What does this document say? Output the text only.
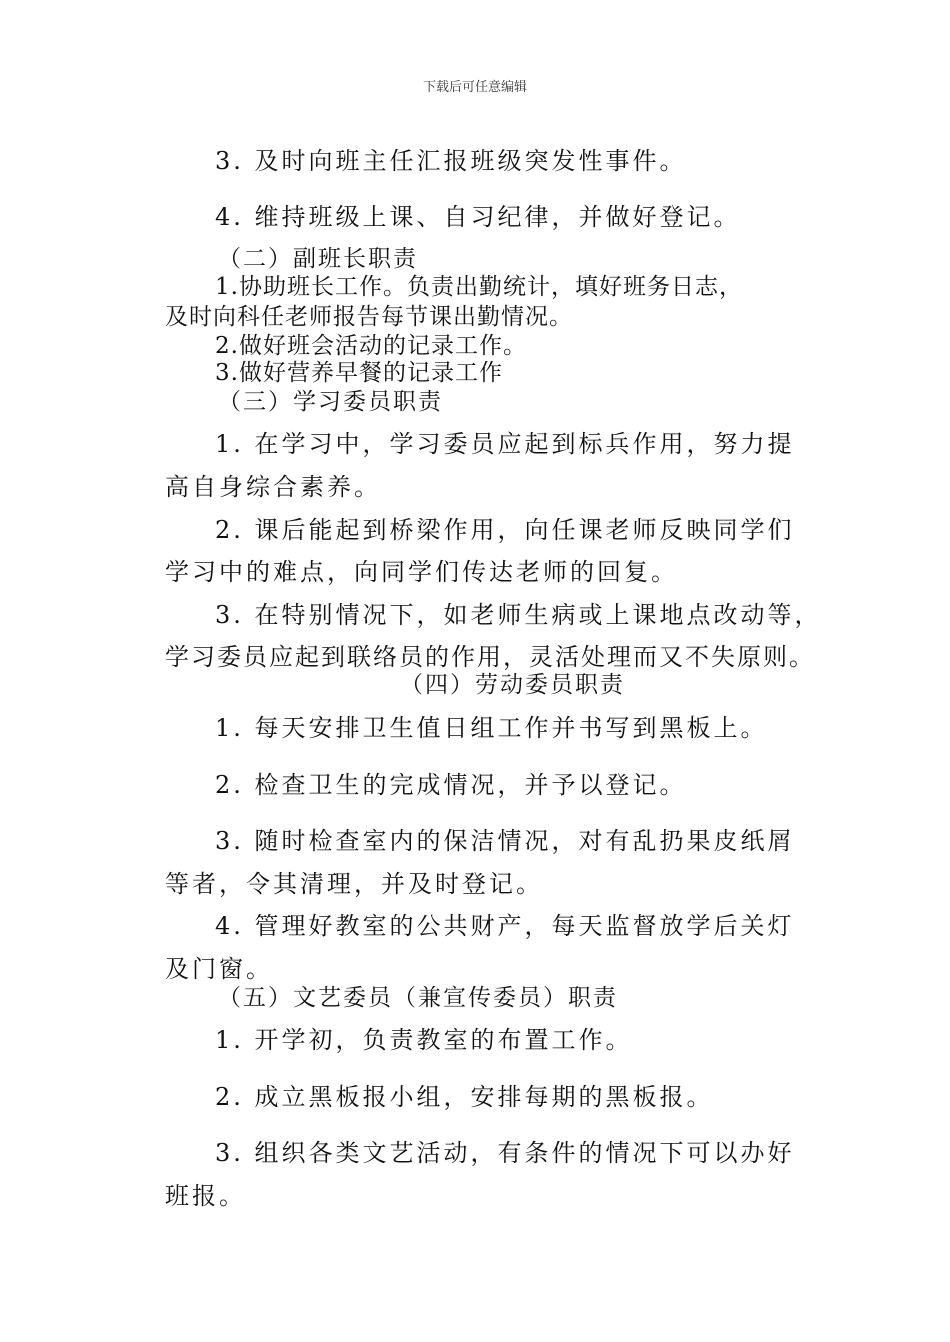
下载后可任意编辑
3. 及时向班主任汇报班级突发性事件。
4. 维持班级上课、自习纪律，并做好登记。
（二）副班长职责
1.协助班长工作。负责出勤统计，填好班务日志，
及时向科任老师报告每节课出勤情况。
2.做好班会活动的记录工作。
3.做好营养早餐的记录工作
（三）学习委员职责
1. 在学习中，学习委员应起到标兵作用，努力提
高自身综合素养。
2. 课后能起到桥梁作用，向任课老师反映同学们
学习中的难点，向同学们传达老师的回复。
3. 在特别情况下，如老师生病或上课地点改动等，
学习委员应起到联络员的作用，灵活处理而又不失原则。
（四）劳动委员职责
1. 每天安排卫生值日组工作并书写到黑板上。
2. 检查卫生的完成情况，并予以登记。
3. 随时检查室内的保洁情况，对有乱扔果皮纸屑
等者，令其清理，并及时登记。
4. 管理好教室的公共财产，每天监督放学后关灯
及门窗。
（五）文艺委员（兼宣传委员）职责
1. 开学初，负责教室的布置工作。
2. 成立黑板报小组，安排每期的黑板报。
3. 组织各类文艺活动，有条件的情况下可以办好
班报。
